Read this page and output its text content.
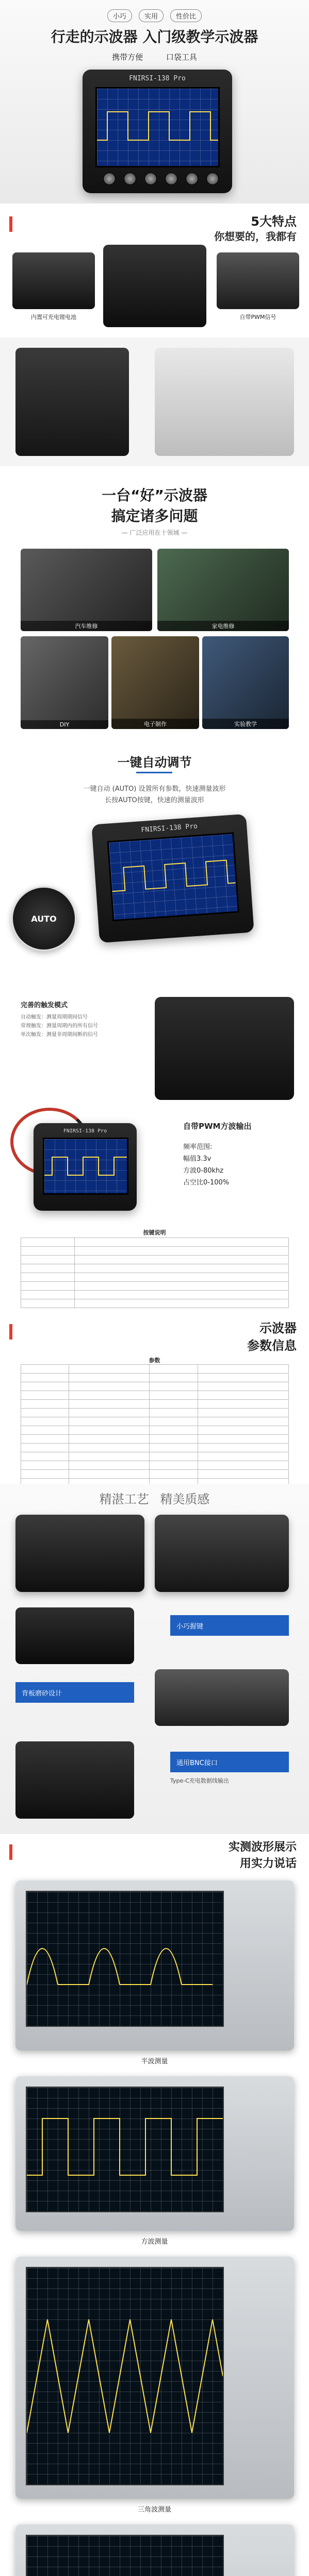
小巧	实用	性价比
行走的示波器 入门级教学示波器
携带方便	口袋工具
FNIRSI-138 Pro
5大特点
你想要的，我都有
内置可充电锂电池	自带PWM信号
一台“好”示波器
搞定诸多问题
— 广泛应用在十领域 —
汽车维修	家电维修
DIY	电子制作	实验教学
一键自动调节
一键自动 (AUTO) 设置所有参数，快速测量波形
长按AUTO按键，快速的测量波形
FNIRSI-138 Pro
AUTO
完善的触发模式
自动触发：测量周期期间信号
常规触发：测量周期内的所有信号
单次触发：测量非周期间断的信号
FNIRSI-138 Pro
自带PWM方波输出
频率范围:
幅值3.3v
方波0-80khz
占空比0-100%
按键说明

示波器
参数信息
参数

精湛工艺 精美质感
小巧握键
背板磨砂设计
通用BNC接口
Type-C充电数据线输出
实测波形展示
用实力说话
半波测量
方波测量
三角波测量
